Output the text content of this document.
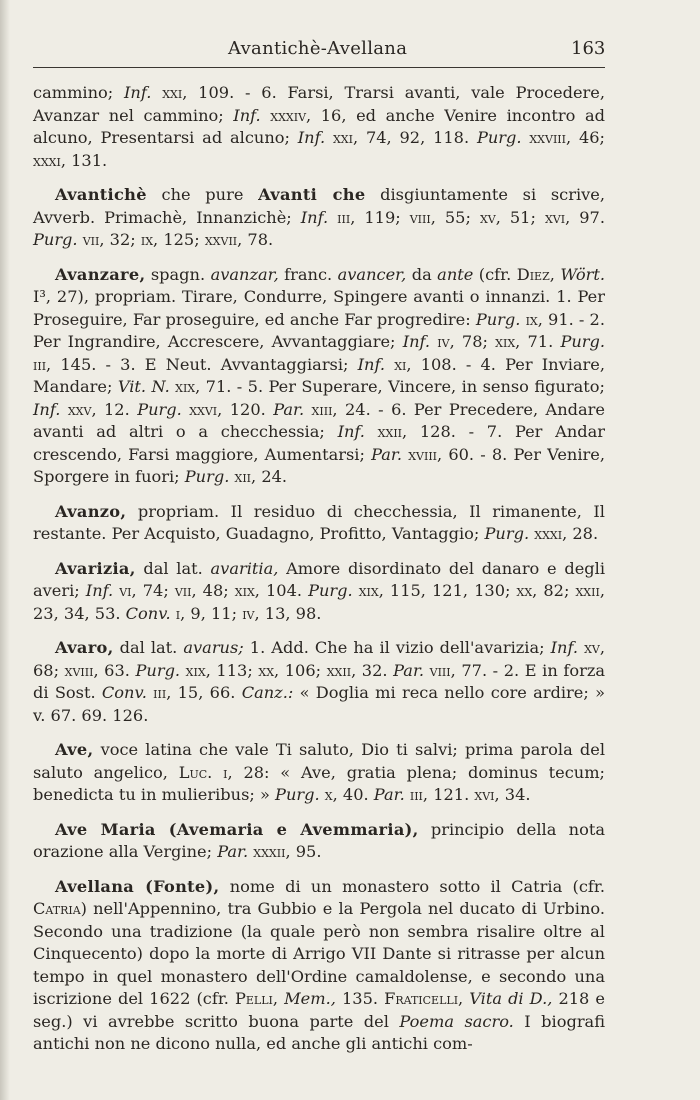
Avantichè-Avellana	163

cammino; Inf. xxi, 109. - 6. Farsi, Trarsi avanti, vale Procedere, Avanzar nel cammino; Inf. xxxiv, 16, ed anche Venire incontro ad alcuno, Presentarsi ad alcuno; Inf. xxi, 74, 92, 118. Purg. xxviii, 46; xxxi, 131.

Avantichè che pure Avanti che disgiuntamente si scrive, Avverb. Primachè, Innanzichè; Inf. iii, 119; viii, 55; xv, 51; xvi, 97. Purg. vii, 32; ix, 125; xxvii, 78.

Avanzare, spagn. avanzar, franc. avancer, da ante (cfr. Diez, Wört. I³, 27), propriam. Tirare, Condurre, Spingere avanti o innanzi. 1. Per Proseguire, Far proseguire, ed anche Far progredire: Purg. ix, 91. - 2. Per Ingrandire, Accrescere, Avvantaggiare; Inf. iv, 78; xix, 71. Purg. iii, 145. - 3. E Neut. Avvantaggiarsi; Inf. xi, 108. - 4. Per Inviare, Mandare; Vit. N. xix, 71. - 5. Per Superare, Vincere, in senso figurato; Inf. xxv, 12. Purg. xxvi, 120. Par. xiii, 24. - 6. Per Precedere, Andare avanti ad altri o a checchessia; Inf. xxii, 128. - 7. Per Andar crescendo, Farsi maggiore, Aumentarsi; Par. xviii, 60. - 8. Per Venire, Sporgere in fuori; Purg. xii, 24.

Avanzo, propriam. Il residuo di checchessia, Il rimanente, Il restante. Per Acquisto, Guadagno, Profitto, Vantaggio; Purg. xxxi, 28.

Avarizia, dal lat. avaritia, Amore disordinato del danaro e degli averi; Inf. vi, 74; vii, 48; xix, 104. Purg. xix, 115, 121, 130; xx, 82; xxii, 23, 34, 53. Conv. i, 9, 11; iv, 13, 98.

Avaro, dal lat. avarus; 1. Add. Che ha il vizio dell'avarizia; Inf. xv, 68; xviii, 63. Purg. xix, 113; xx, 106; xxii, 32. Par. viii, 77. - 2. E in forza di Sost. Conv. iii, 15, 66. Canz.: « Doglia mi reca nello core ardire; » v. 67. 69. 126.

Ave, voce latina che vale Ti saluto, Dio ti salvi; prima parola del saluto angelico, Luc. i, 28: « Ave, gratia plena; dominus tecum; benedicta tu in mulieribus; » Purg. x, 40. Par. iii, 121. xvi, 34.

Ave Maria (Avemaria e Avemmaria), principio della nota orazione alla Vergine; Par. xxxii, 95.

Avellana (Fonte), nome di un monastero sotto il Catria (cfr. Catria) nell'Appennino, tra Gubbio e la Pergola nel ducato di Urbino. Secondo una tradizione (la quale però non sembra risalire oltre al Cinquecento) dopo la morte di Arrigo VII Dante si ritrasse per alcun tempo in quel monastero dell'Ordine camaldolense, e secondo una iscrizione del 1622 (cfr. Pelli, Mem., 135. Fraticelli, Vita di D., 218 e seg.) vi avrebbe scritto buona parte del Poema sacro. I biografi antichi non ne dicono nulla, ed anche gli antichi com-
